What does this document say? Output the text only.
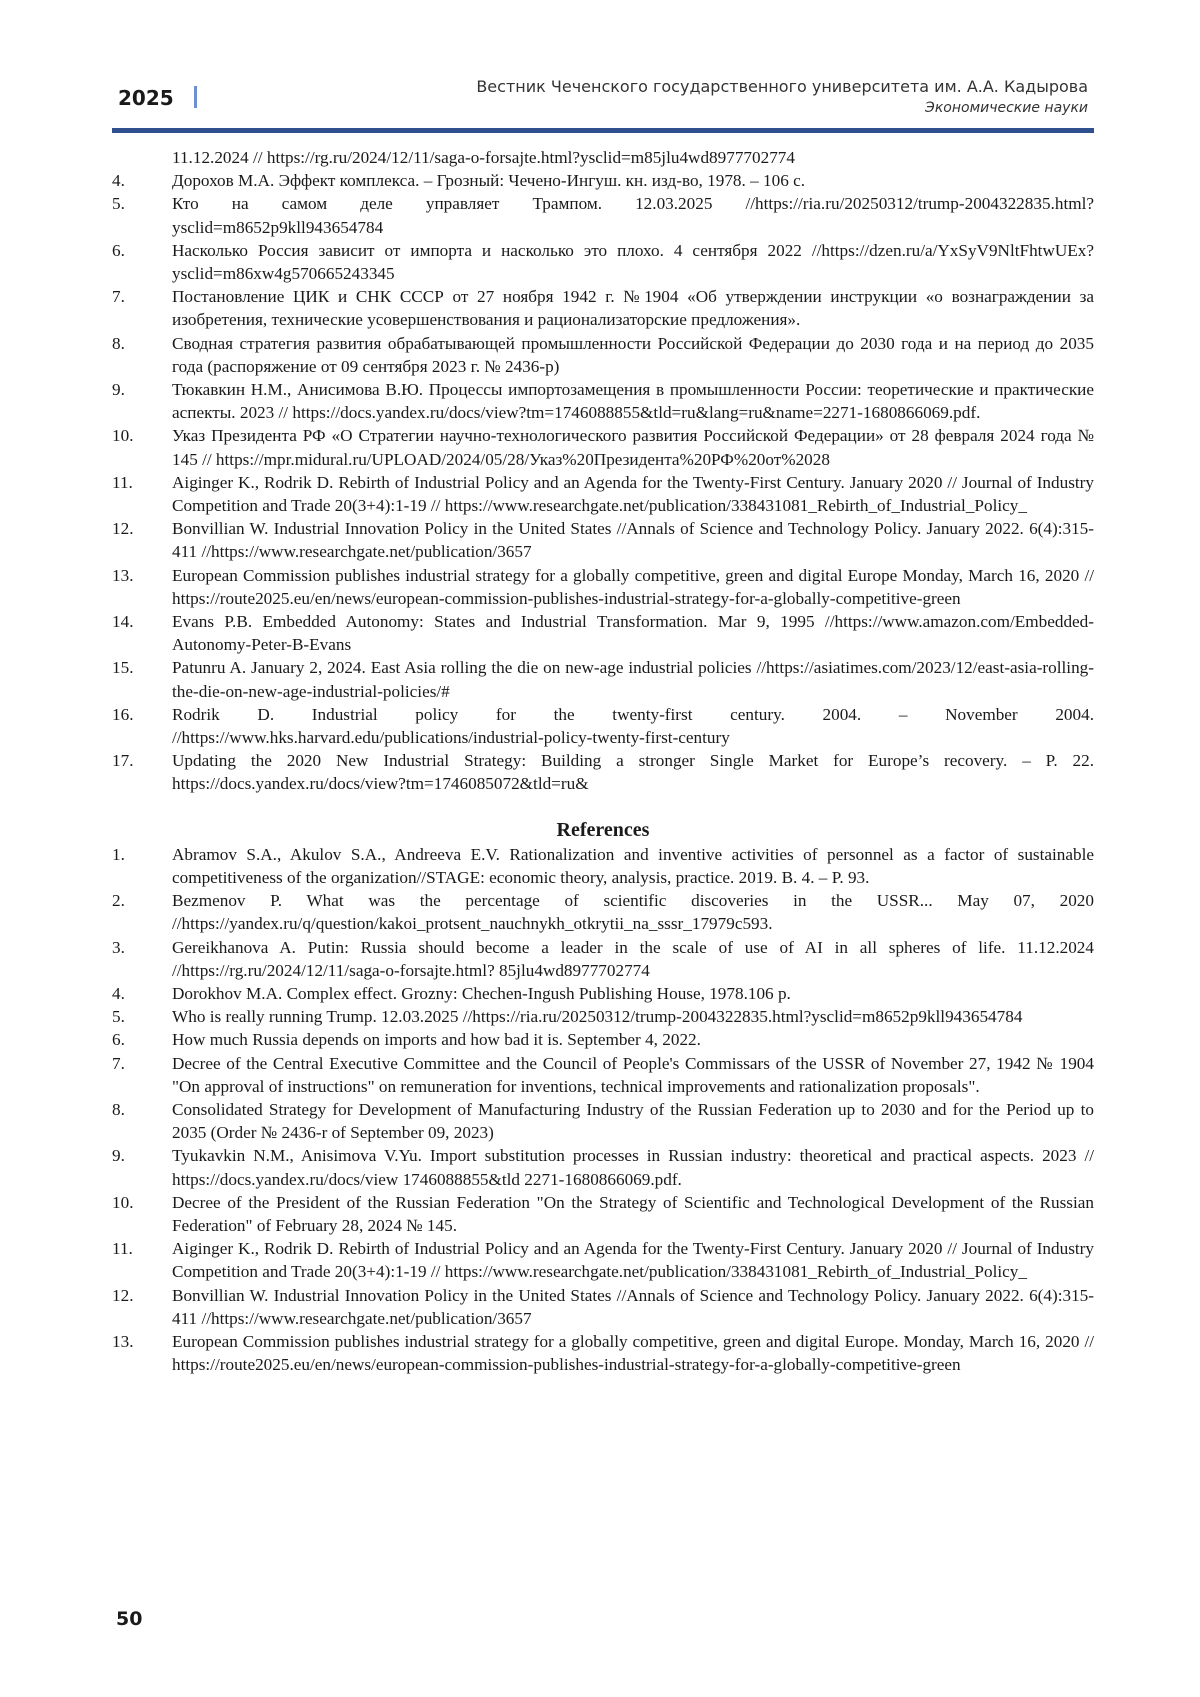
2025	Вестник Чеченского государственного университета им. А.А. Кадырова
Экономические науки
11.12.2024 // https://rg.ru/2024/12/11/saga-o-forsajte.html?ysclid=m85jlu4wd8977702774
4.	Дорохов М.А. Эффект комплекса. – Грозный: Чечено-Ингуш. кн. изд-во, 1978. – 106 с.
5.	Кто на самом деле управляет Трампом. 12.03.2025 //https://ria.ru/20250312/trump-2004322835.html?ysclid=m8652p9kll943654784
6.	Насколько Россия зависит от импорта и насколько это плохо. 4 сентября 2022 //https://dzen.ru/a/YxSyV9NltFhtwUEx?ysclid=m86xw4g570665243345
7.	Постановление ЦИК и СНК СССР от 27 ноября 1942 г. №1904 «Об утверждении инструкции «о вознаграждении за изобретения, технические усовершенствования и рационализаторские предложения».
8.	Сводная стратегия развития обрабатывающей промышленности Российской Федерации до 2030 года и на период до 2035 года (распоряжение от 09 сентября 2023 г. № 2436-р)
9.	Тюкавкин Н.М., Анисимова В.Ю. Процессы импортозамещения в промышленности России: теоретические и практические аспекты. 2023 // https://docs.yandex.ru/docs/view?tm=1746088855&tld=ru&lang=ru&name=2271-1680866069.pdf.
10.	Указ Президента РФ «О Стратегии научно-технологического развития Российской Федерации» от 28 февраля 2024 года № 145 // https://mpr.midural.ru/UPLOAD/2024/05/28/Указ%20Президента%20РФ%20от%2028
11.	Aiginger K., Rodrik D. Rebirth of Industrial Policy and an Agenda for the Twenty-First Century. January 2020 // Journal of Industry Competition and Trade 20(3+4):1-19 // https://www.researchgate.net/publication/338431081_Rebirth_of_Industrial_Policy_
12.	Bonvillian W. Industrial Innovation Policy in the United States //Annals of Science and Technology Policy. January 2022. 6(4):315-411 //https://www.researchgate.net/publication/3657
13.	European Commission publishes industrial strategy for a globally competitive, green and digital Europe Monday, March 16, 2020 // https://route2025.eu/en/news/european-commission-publishes-industrial-strategy-for-a-globally-competitive-green
14.	Evans P.B. Embedded Autonomy: States and Industrial Transformation. Mar 9, 1995 //https://www.amazon.com/Embedded-Autonomy-Peter-B-Evans
15.	Patunru A. January 2, 2024. East Asia rolling the die on new-age industrial policies //https://asiatimes.com/2023/12/east-asia-rolling-the-die-on-new-age-industrial-policies/#
16.	Rodrik D. Industrial policy for the twenty-first century. 2004. – November 2004. //https://www.hks.harvard.edu/publications/industrial-policy-twenty-first-century
17.	Updating the 2020 New Industrial Strategy: Building a stronger Single Market for Europe’s recovery. – P. 22. https://docs.yandex.ru/docs/view?tm=1746085072&tld=ru&
References
1.	Abramov S.A., Akulov S.A., Andreeva E.V. Rationalization and inventive activities of personnel as a factor of sustainable competitiveness of the organization//STAGE: economic theory, analysis, practice. 2019. B. 4. – P. 93.
2.	Bezmenov P. What was the percentage of scientific discoveries in the USSR... May 07, 2020 //https://yandex.ru/q/question/kakoi_protsent_nauchnykh_otkrytii_na_sssr_17979c593.
3.	Gereikhanova A. Putin: Russia should become a leader in the scale of use of AI in all spheres of life. 11.12.2024 //https://rg.ru/2024/12/11/saga-o-forsajte.html? 85jlu4wd8977702774
4.	Dorokhov M.A. Complex effect. Grozny: Chechen-Ingush Publishing House, 1978.106 p.
5.	Who is really running Trump. 12.03.2025 //https://ria.ru/20250312/trump-2004322835.html?ysclid=m8652p9kll943654784
6.	How much Russia depends on imports and how bad it is. September 4, 2022.
7.	Decree of the Central Executive Committee and the Council of People's Commissars of the USSR of November 27, 1942 № 1904 "On approval of instructions" on remuneration for inventions, technical improvements and rationalization proposals".
8.	Consolidated Strategy for Development of Manufacturing Industry of the Russian Federation up to 2030 and for the Period up to 2035 (Order № 2436-r of September 09, 2023)
9.	Tyukavkin N.M., Anisimova V.Yu. Import substitution processes in Russian industry: theoretical and practical aspects. 2023 // https://docs.yandex.ru/docs/view 1746088855&tld 2271-1680866069.pdf.
10.	Decree of the President of the Russian Federation "On the Strategy of Scientific and Technological Development of the Russian Federation" of February 28, 2024 № 145.
11.	Aiginger K., Rodrik D. Rebirth of Industrial Policy and an Agenda for the Twenty-First Century. January 2020 // Journal of Industry Competition and Trade 20(3+4):1-19 // https://www.researchgate.net/publication/338431081_Rebirth_of_Industrial_Policy_
12.	Bonvillian W. Industrial Innovation Policy in the United States //Annals of Science and Technology Policy. January 2022. 6(4):315-411 //https://www.researchgate.net/publication/3657
13.	European Commission publishes industrial strategy for a globally competitive, green and digital Europe. Monday, March 16, 2020 // https://route2025.eu/en/news/european-commission-publishes-industrial-strategy-for-a-globally-competitive-green
50
